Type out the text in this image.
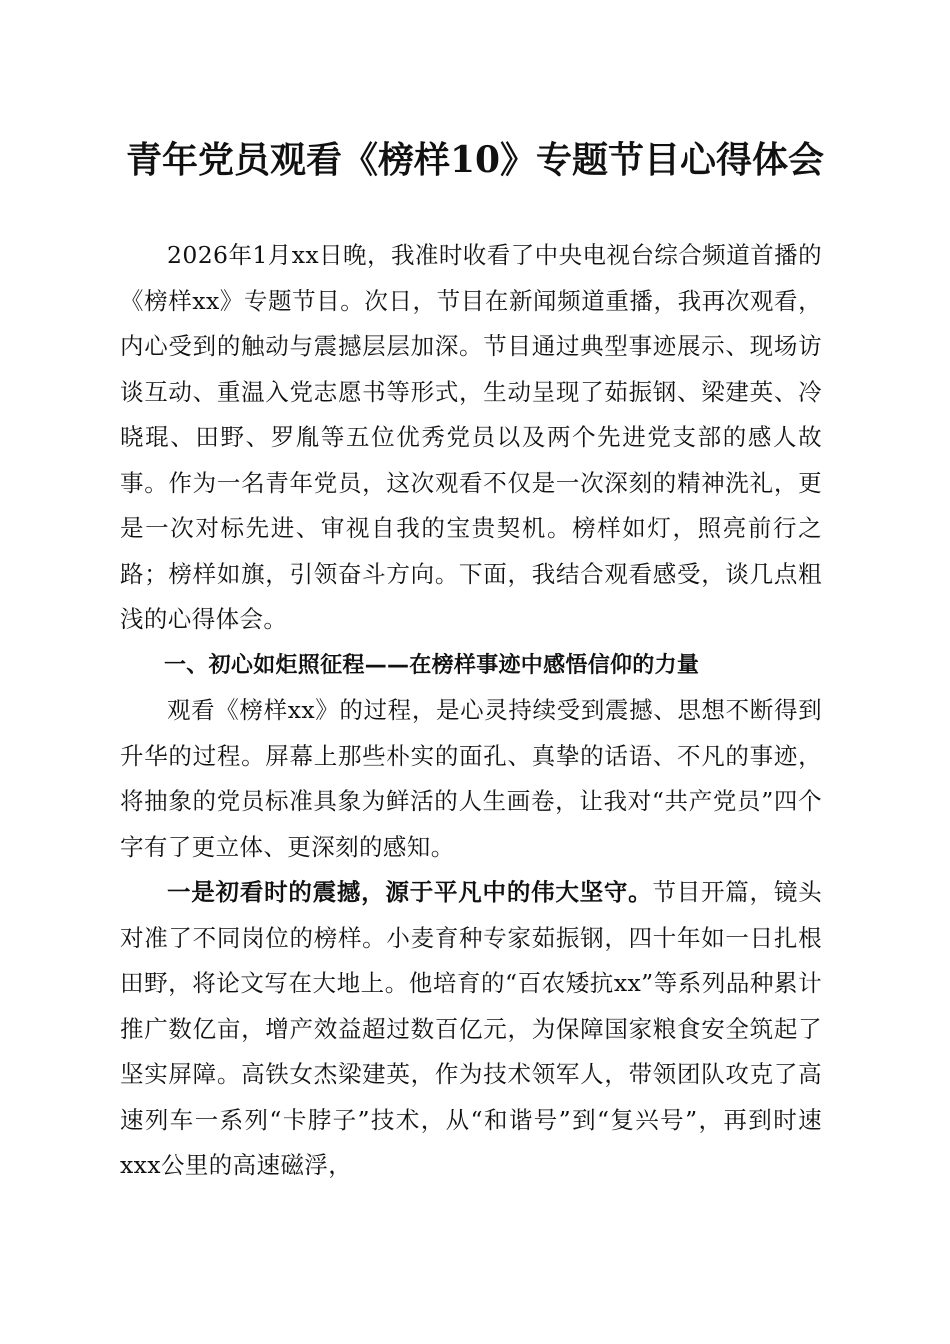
青年党员观看《榜样10》专题节目心得体会

2026年1月xx日晚，我准时收看了中央电视台综合频道首播的《榜样xx》专题节目。次日，节目在新闻频道重播，我再次观看，内心受到的触动与震撼层层加深。节目通过典型事迹展示、现场访谈互动、重温入党志愿书等形式，生动呈现了茹振钢、梁建英、冷晓琨、田野、罗胤等五位优秀党员以及两个先进党支部的感人故事。作为一名青年党员，这次观看不仅是一次深刻的精神洗礼，更是一次对标先进、审视自我的宝贵契机。榜样如灯，照亮前行之路；榜样如旗，引领奋斗方向。下面，我结合观看感受，谈几点粗浅的心得体会。

一、初心如炬照征程——在榜样事迹中感悟信仰的力量

观看《榜样xx》的过程，是心灵持续受到震撼、思想不断得到升华的过程。屏幕上那些朴实的面孔、真挚的话语、不凡的事迹，将抽象的党员标准具象为鲜活的人生画卷，让我对“共产党员”四个字有了更立体、更深刻的感知。

一是初看时的震撼，源于平凡中的伟大坚守。节目开篇，镜头对准了不同岗位的榜样。小麦育种专家茹振钢，四十年如一日扎根田野，将论文写在大地上。他培育的“百农矮抗xx”等系列品种累计推广数亿亩，增产效益超过数百亿元，为保障国家粮食安全筑起了坚实屏障。高铁女杰梁建英，作为技术领军人，带领团队攻克了高速列车一系列“卡脖子”技术，从“和谐号”到“复兴号”，再到时速xxx公里的高速磁浮，
